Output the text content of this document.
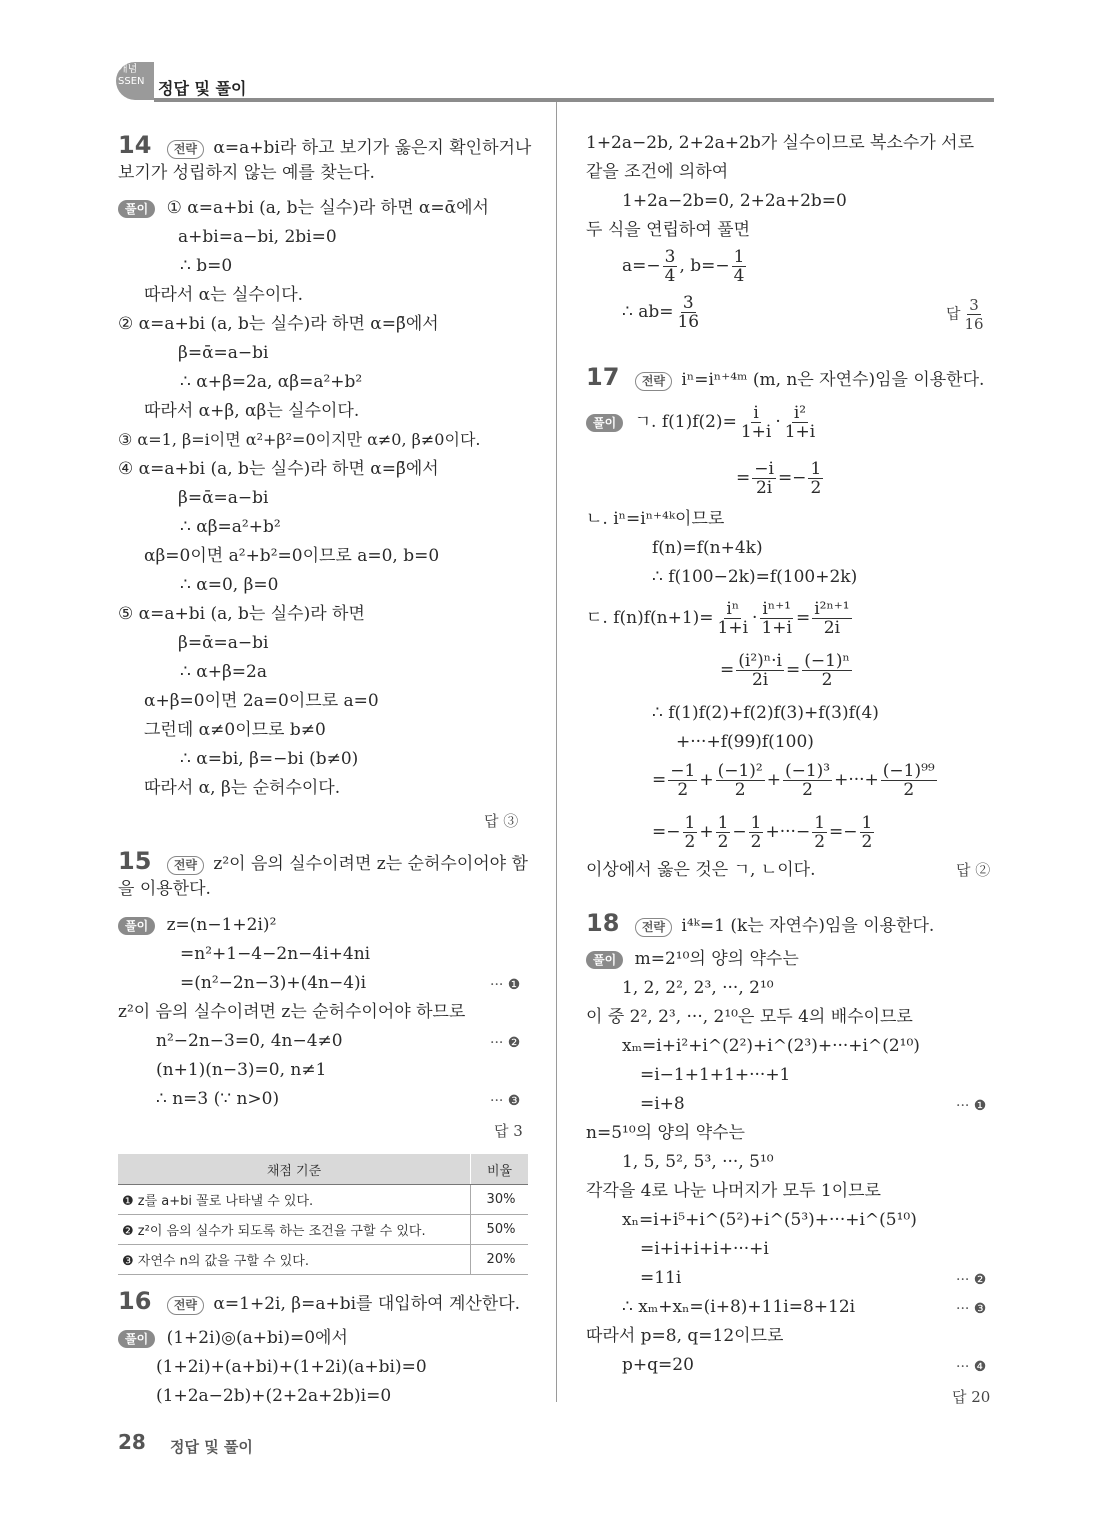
개념 SSEN 정답 및 풀이
14 전략 α=a+bi라 하고 보기가 옳은지 확인하거나
보기가 성립하지 않는 예를 찾는다.
풀이 ① α=a+bi (a, b는 실수)라 하면 α=ᾱ에서
a+bi=a−bi, 2bi=0
∴ b=0
따라서 α는 실수이다.
② α=a+bi (a, b는 실수)라 하면 α=β̄에서
β=ᾱ=a−bi
∴ α+β=2a, αβ=a²+b²
따라서 α+β, αβ는 실수이다.
③ α=1, β=i이면 α²+β²=0이지만 α≠0, β≠0이다.
④ α=a+bi (a, b는 실수)라 하면 α=β̄에서
β=ᾱ=a−bi
∴ αβ=a²+b²
αβ=0이면 a²+b²=0이므로 a=0, b=0
∴ α=0, β=0
⑤ α=a+bi (a, b는 실수)라 하면
β=ᾱ=a−bi
∴ α+β=2a
α+β=0이면 2a=0이므로 a=0
그런데 α≠0이므로 b≠0
∴ α=bi, β=−bi (b≠0)
따라서 α, β는 순허수이다.
답 ③
15 전략 z²이 음의 실수이려면 z는 순허수이어야 함
을 이용한다.
풀이 z=(n−1+2i)²
=n²+1−4−2n−4i+4ni
=(n²−2n−3)+(4n−4)i	··· ❶
z²이 음의 실수이려면 z는 순허수이어야 하므로
n²−2n−3=0, 4n−4≠0	··· ❷
(n+1)(n−3)=0, n≠1
∴ n=3 (∵ n>0)	··· ❸
답 3
채점 기준	비율
❶ z를 a+bi 꼴로 나타낼 수 있다.	30%
❷ z²이 음의 실수가 되도록 하는 조건을 구할 수 있다.	50%
❸ 자연수 n의 값을 구할 수 있다.	20%
16 전략 α=1+2i, β=a+bi를 대입하여 계산한다.
풀이 (1+2i)◎(a+bi)=0에서
(1+2i)+(a+bi)+(1+2i)(a+bi)=0
(1+2a−2b)+(2+2a+2b)i=0
28 정답 및 풀이
1+2a−2b, 2+2a+2b가 실수이므로 복소수가 서로
같을 조건에 의하여
1+2a−2b=0, 2+2a+2b=0
두 식을 연립하여 풀면
$a=- \frac{3}{4}$ , $b=- \frac{1}{4}$
∴ $ab= \frac{3}{16}$	답 $\frac{3}{16}$
17 전략 iⁿ=iⁿ⁺⁴ᵐ (m, n은 자연수)임을 이용한다.
풀이 ㄱ. $f(1)f(2)= \frac{i}{1+i} \cdot \frac{\text{i²}}{1+i}$
= $\frac{-i}{2i} =- \frac{1}{2}$
ㄴ. iⁿ=iⁿ⁺⁴ᵏ이므로
f(n)=f(n+4k)
∴ f(100−2k)=f(100+2k)
ㄷ. $f(n)f(n+1)= \frac{\text{iⁿ}}{1+i} \cdot \frac{\text{iⁿ⁺¹}}{1+i} = \frac{\text{i²ⁿ⁺¹}}{2i}$
= $\frac{\text{(i²)ⁿ·i}}{2i} = \frac{\text{(−1)ⁿ}}{2}$
∴ f(1)f(2)+f(2)f(3)+f(3)f(4)
+···+f(99)f(100)
= $\frac{-1}{2} + \frac{\text{(−1)²}}{2} + \frac{\text{(−1)³}}{2}$ +···+ $\frac{\text{(−1)⁹⁹}}{2}$
=− $\frac{1}{2} + \frac{1}{2} - \frac{1}{2}$ +···− $\frac{1}{2} =- \frac{1}{2}$
이상에서 옳은 것은 ㄱ, ㄴ이다.	답 ②
18 전략 i⁴ᵏ=1 (k는 자연수)임을 이용한다.
풀이 m=2¹⁰의 양의 약수는
1, 2, 2², 2³, ···, 2¹⁰
이 중 2², 2³, ···, 2¹⁰은 모두 4의 배수이므로
xₘ=i+i²+i^(2²)+i^(2³)+···+i^(2¹⁰)
=i−1+1+1+···+1
=i+8	··· ❶
n=5¹⁰의 양의 약수는
1, 5, 5², 5³, ···, 5¹⁰
각각을 4로 나눈 나머지가 모두 1이므로
xₙ=i+i⁵+i^(5²)+i^(5³)+···+i^(5¹⁰)
=i+i+i+i+···+i
=11i	··· ❷
∴ xₘ+xₙ=(i+8)+11i=8+12i	··· ❸
따라서 p=8, q=12이므로
p+q=20	··· ❹
답 20
